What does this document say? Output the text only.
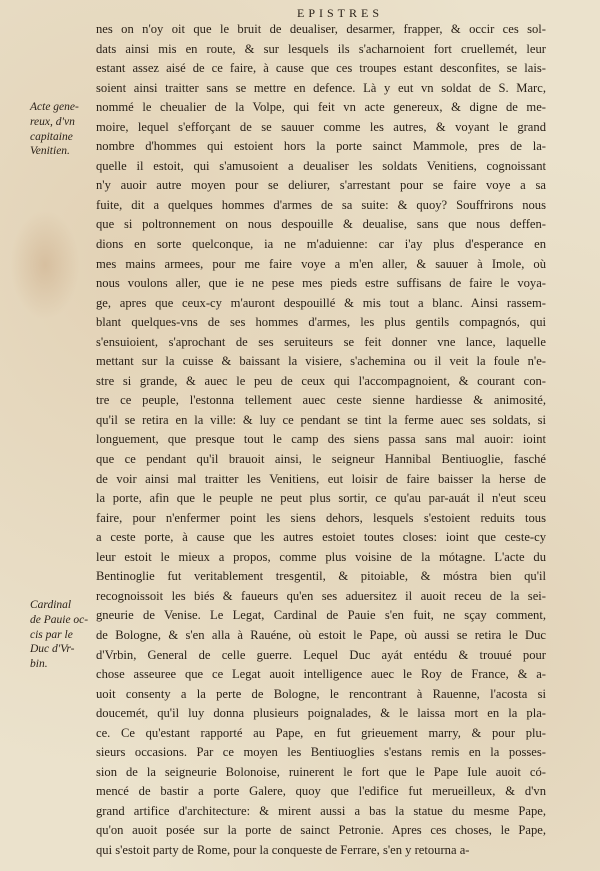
EPISTRES
nes on n'oy oit que le bruit de deualiser, desarmer, frapper, & occir ces sol-
dats ainsi mis en route, & sur lesquels ils s'acharnoient fort cruellemét, leur
estant assez aisé de ce faire, à cause que ces troupes estant desconfites, se lais-
soient ainsi traitter sans se mettre en defence. Là y eut vn soldat de S. Marc,
nommé le cheualier de la Volpe, qui feit vn acte genereux, & digne de me-
moire, lequel s'efforçant de se sauuer comme les autres, & voyant le grand
nombre d'hommes qui estoient hors la porte sainct Mammole, pres de la-
quelle il estoit, qui s'amusoient a deualiser les soldats Venitiens, cognoissant
n'y auoir autre moyen pour se deliurer, s'arrestant pour se faire voye a sa
fuite, dit a quelques hommes d'armes de sa suite: & quoy? Souffrirons nous
que si poltronnement on nous despouille & deualise, sans que nous deffen-
dions en sorte quelconque, ia ne m'aduienne: car i'ay plus d'esperance en
mes mains armees, pour me faire voye a m'en aller, & sauuer à Imole, où
nous voulons aller, que ie ne pese mes pieds estre suffisans de faire le voya-
ge, apres que ceux-cy m'auront despouillé & mis tout a blanc. Ainsi rassem-
blant quelques-vns de ses hommes d'armes, les plus gentils compagnós, qui
s'ensuioient, s'aprochant de ses seruiteurs se feit donner vne lance, laquelle
mettant sur la cuisse & baissant la visiere, s'achemina ou il veit la foule n'e-
stre si grande, & auec le peu de ceux qui l'accompagnoient, & courant con-
tre ce peuple, l'estonna tellement auec ceste sienne hardiesse & animosité,
qu'il se retira en la ville: & luy ce pendant se tint la ferme auec ses soldats, si
longuement, que presque tout le camp des siens passa sans mal auoir: ioint
que ce pendant qu'il brauoit ainsi, le seigneur Hannibal Bentiuoglie, fasché
de voir ainsi mal traitter les Venitiens, eut loisir de faire baisser la herse de
la porte, afin que le peuple ne peut plus sortir, ce qu'au par-auát il n'eut sceu
faire, pour n'enfermer point les siens dehors, lesquels s'estoient reduits tous
a ceste porte, à cause que les autres estoiet toutes closes: ioint que ceste-cy
leur estoit le mieux a propos, comme plus voisine de la mótagne. L'acte du
Bentinoglie fut veritablement tresgentil, & pitoiable, & móstra bien qu'il
recognoissoit les biés & faueurs qu'en ses aduersitez il auoit receu de la sei-
gneurie de Venise. Le Legat, Cardinal de Pauie s'en fuit, ne sçay comment,
de Bologne, & s'en alla à Rauéne, où estoit le Pape, où aussi se retira le Duc
d'Vrbin, General de celle guerre. Lequel Duc ayát entédu & trouué pour
chose asseuree que ce Legat auoit intelligence auec le Roy de France, & a-
uoit consenty a la perte de Bologne, le rencontrant à Rauenne, l'acosta si
doucemét, qu'il luy donna plusieurs poignalades, & le laissa mort en la pla-
ce. Ce qu'estant rapporté au Pape, en fut grieuement marry, & pour plu-
sieurs occasions. Par ce moyen les Bentiuoglies s'estans remis en la posses-
sion de la seigneurie Bolonoise, ruinerent le fort que le Pape Iule auoit có-
mencé de bastir a porte Galere, quoy que l'edifice fut merueilleux, & d'vn
grand artifice d'architecture: & mirent aussi a bas la statue du mesme Pape,
qu'on auoit posée sur la porte de sainct Petronie. Apres ces choses, le Pape,
qui s'estoit party de Rome, pour la conqueste de Ferrare, s'en y retourna a-
Acte gene-
reux, d'vn
capitaine
Venitien.
Cardinal
de Pauie oc-
cis par le
Duc d'Vr-
bin.
